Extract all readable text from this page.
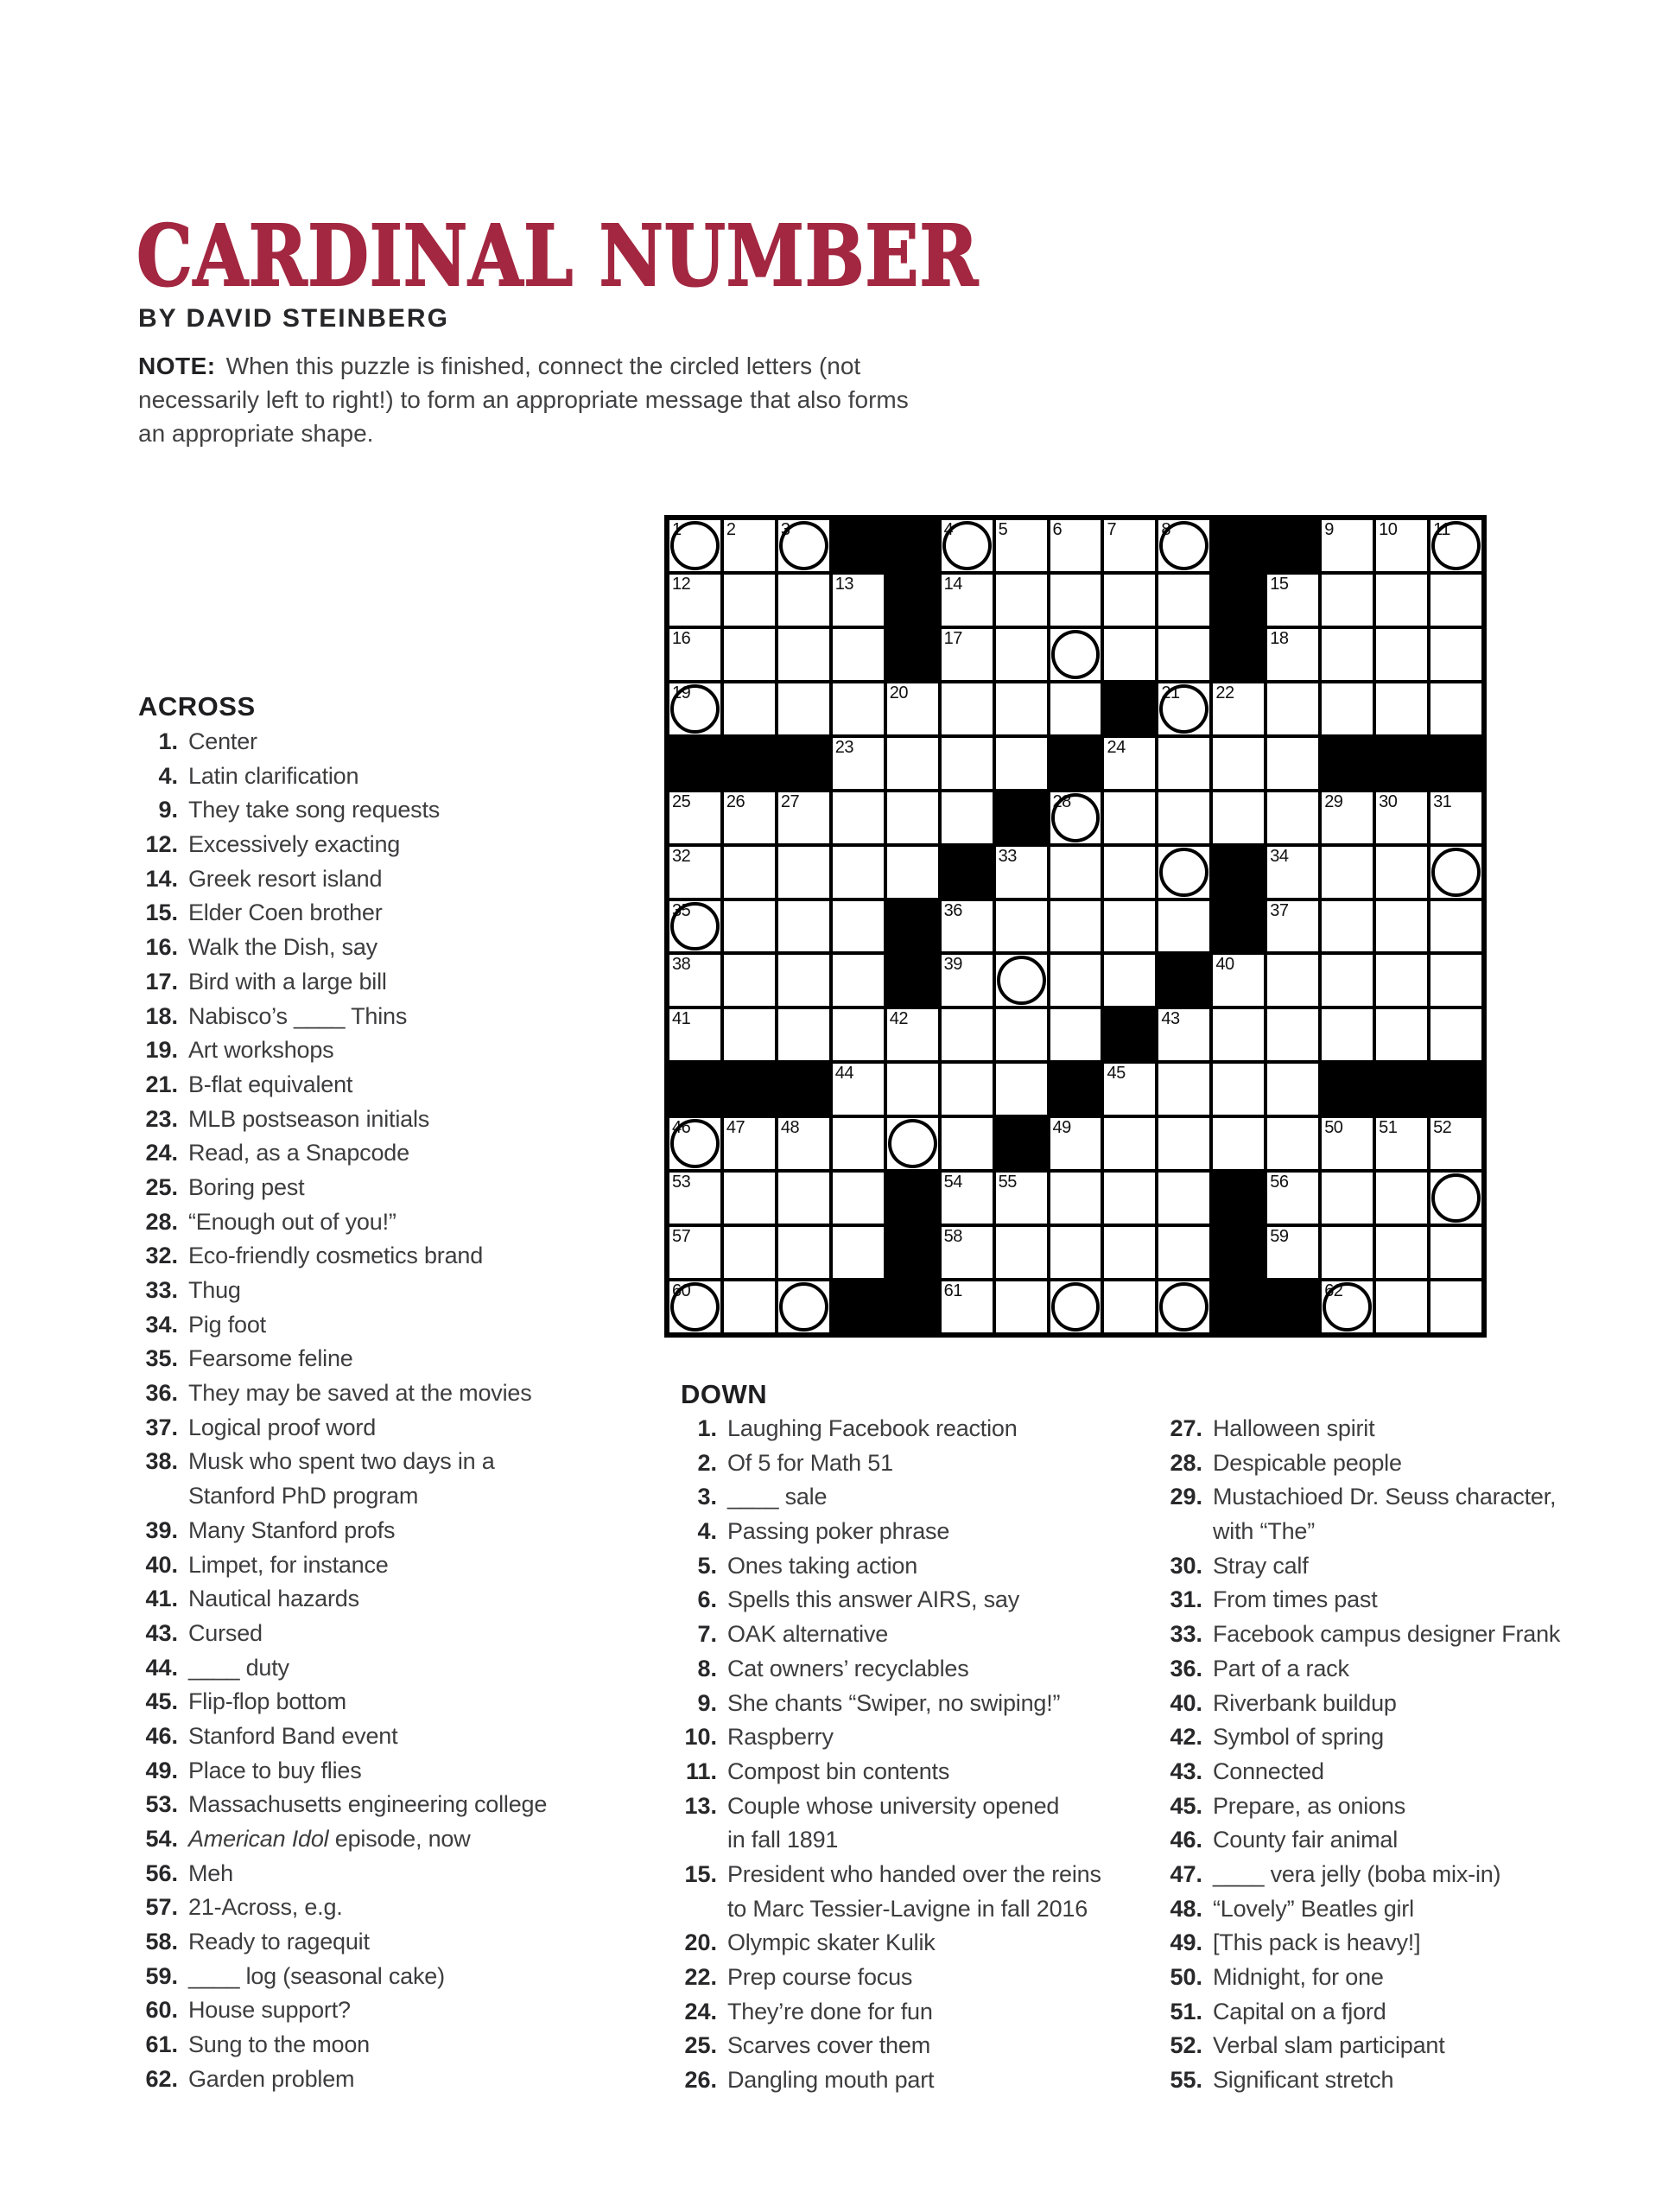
CARDINAL NUMBER
BY DAVID STEINBERG

NOTE: When this puzzle is finished, connect the circled letters (not necessarily left to right!) to form an appropriate message that also forms an appropriate shape.

1	2	3	4	5	6	7	8	9	10 11
12	13	14	15
16	17	18
19	20	21 22
23	24
25 26 27	28	29 30 31
32	33	34
35	36	37
38	39	40
41	42	43
44	45
46 47 48	49	50 51 52
53	54 55	56
57	58	59
60	61	62
ACROSS
1. Center
4. Latin clarification
9. They take song requests
12. Excessively exacting
14. Greek resort island
15. Elder Coen brother
16. Walk the Dish, say
17. Bird with a large bill
18. Nabisco’s ____ Thins
19. Art workshops
21. B-flat equivalent
23. MLB postseason initials
24. Read, as a Snapcode
25. Boring pest
28. “Enough out of you!”
32. Eco-friendly cosmetics brand
33. Thug
34. Pig foot
35. Fearsome feline
36. They may be saved at the movies
37. Logical proof word
38. Musk who spent two days in a
Stanford PhD program
39. Many Stanford profs
40. Limpet, for instance
41. Nautical hazards
43. Cursed
44. ____ duty
45. Flip-flop bottom
46. Stanford Band event
49. Place to buy flies
53. Massachusetts engineering college
54. American Idol episode, now
56. Meh
57. 21-Across, e.g.
58. Ready to ragequit
59. ____ log (seasonal cake)
60. House support?
61. Sung to the moon
62. Garden problem
DOWN
1. Laughing Facebook reaction
2. Of 5 for Math 51
3. ____ sale
4. Passing poker phrase
5. Ones taking action
6. Spells this answer AIRS, say
7. OAK alternative
8. Cat owners’ recyclables
9. She chants “Swiper, no swiping!”
10. Raspberry
11. Compost bin contents
13. Couple whose university opened
in fall 1891
15. President who handed over the reins
to Marc Tessier-Lavigne in fall 2016
20. Olympic skater Kulik
22. Prep course focus
24. They’re done for fun
25. Scarves cover them
26. Dangling mouth part
27. Halloween spirit
28. Despicable people
29. Mustachioed Dr. Seuss character,
with “The”
30. Stray calf
31. From times past
33. Facebook campus designer Frank
36. Part of a rack
40. Riverbank buildup
42. Symbol of spring
43. Connected
45. Prepare, as onions
46. County fair animal
47. ____ vera jelly (boba mix-in)
48. “Lovely” Beatles girl
49. [This pack is heavy!]
50. Midnight, for one
51. Capital on a fjord
52. Verbal slam participant
55. Significant stretch
